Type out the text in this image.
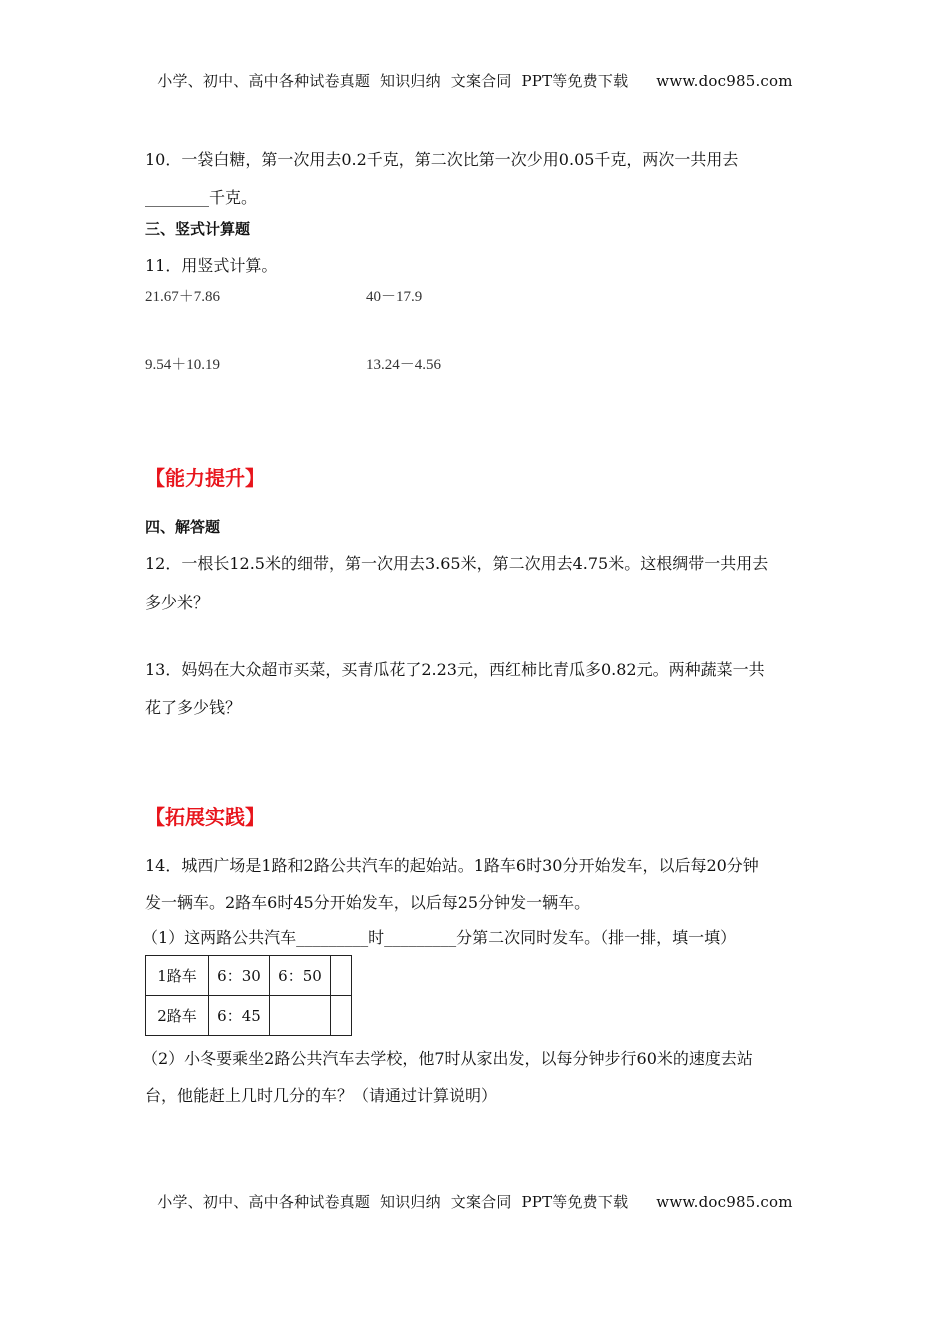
小学、初中、高中各种试卷真题  知识归纳  文案合同  PPT等免费下载 www.doc985.com
10．一袋白糖，第一次用去0.2千克，第二次比第一次少用0.05千克，两次一共用去
________千克。
三、竖式计算题
11．用竖式计算。
21.67＋7.86	40－17.9
9.54＋10.19	13.24－4.56
【能力提升】
四、解答题
12．一根长12.5米的细带，第一次用去3.65米，第二次用去4.75米。这根绸带一共用去
多少米？
13．妈妈在大众超市买菜，买青瓜花了2.23元，西红柿比青瓜多0.82元。两种蔬菜一共
花了多少钱？
【拓展实践】
14．城西广场是1路和2路公共汽车的起始站。1路车6时30分开始发车，以后每20分钟
发一辆车。2路车6时45分开始发车，以后每25分钟发一辆车。
（1）这两路公共汽车_________时_________分第二次同时发车。（排一排，填一填）
1路车	6：30	6：50	
2路车	6：45		
（2）小冬要乘坐2路公共汽车去学校，他7时从家出发，以每分钟步行60米的速度去站
台，他能赶上几时几分的车？（请通过计算说明）
小学、初中、高中各种试卷真题  知识归纳  文案合同  PPT等免费下载 www.doc985.com
